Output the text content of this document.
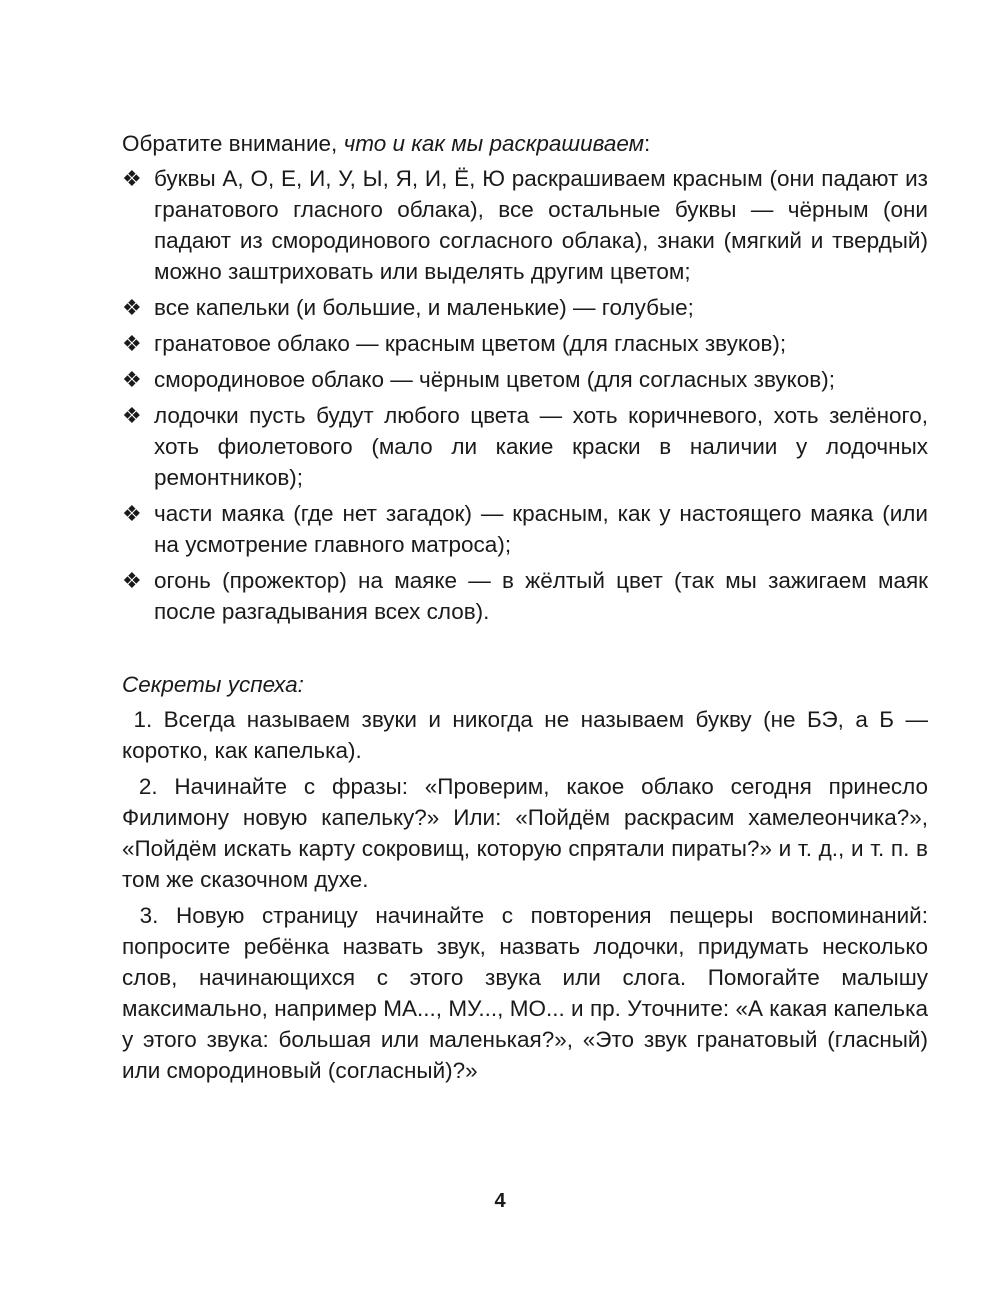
Обратите внимание, что и как мы раскрашиваем:

❖ буквы А, О, Е, И, У, Ы, Я, И, Ё, Ю раскрашиваем красным (они падают из гранатового гласного облака), все остальные буквы — чёрным (они падают из смородинового согласного облака), знаки (мягкий и твердый) можно заштриховать или выделять другим цветом;
❖ все капельки (и большие, и маленькие) — голубые;
❖ гранатовое облако — красным цветом (для гласных звуков);
❖ смородиновое облако — чёрным цветом (для согласных звуков);
❖ лодочки пусть будут любого цвета — хоть коричневого, хоть зелёного, хоть фиолетового (мало ли какие краски в наличии у лодочных ремонтников);
❖ части маяка (где нет загадок) — красным, как у настоящего маяка (или на усмотрение главного матроса);
❖ огонь (прожектор) на маяке — в жёлтый цвет (так мы зажигаем маяк после разгадывания всех слов).

Секреты успеха:

1. Всегда называем звуки и никогда не называем букву (не БЭ, а Б — коротко, как капелька).

2. Начинайте с фразы: «Проверим, какое облако сегодня принесло Филимону новую капельку?» Или: «Пойдём раскрасим хамелеончика?», «Пойдём искать карту сокровищ, которую спрятали пираты?» и т. д., и т. п. в том же сказочном духе.

3. Новую страницу начинайте с повторения пещеры воспоминаний: попросите ребёнка назвать звук, назвать лодочки, придумать несколько слов, начинающихся с этого звука или слога. Помогайте малышу максимально, например МА..., МУ..., МО... и пр. Уточните: «А какая капелька у этого звука: большая или маленькая?», «Это звук гранатовый (гласный) или смородиновый (согласный)?»

4
